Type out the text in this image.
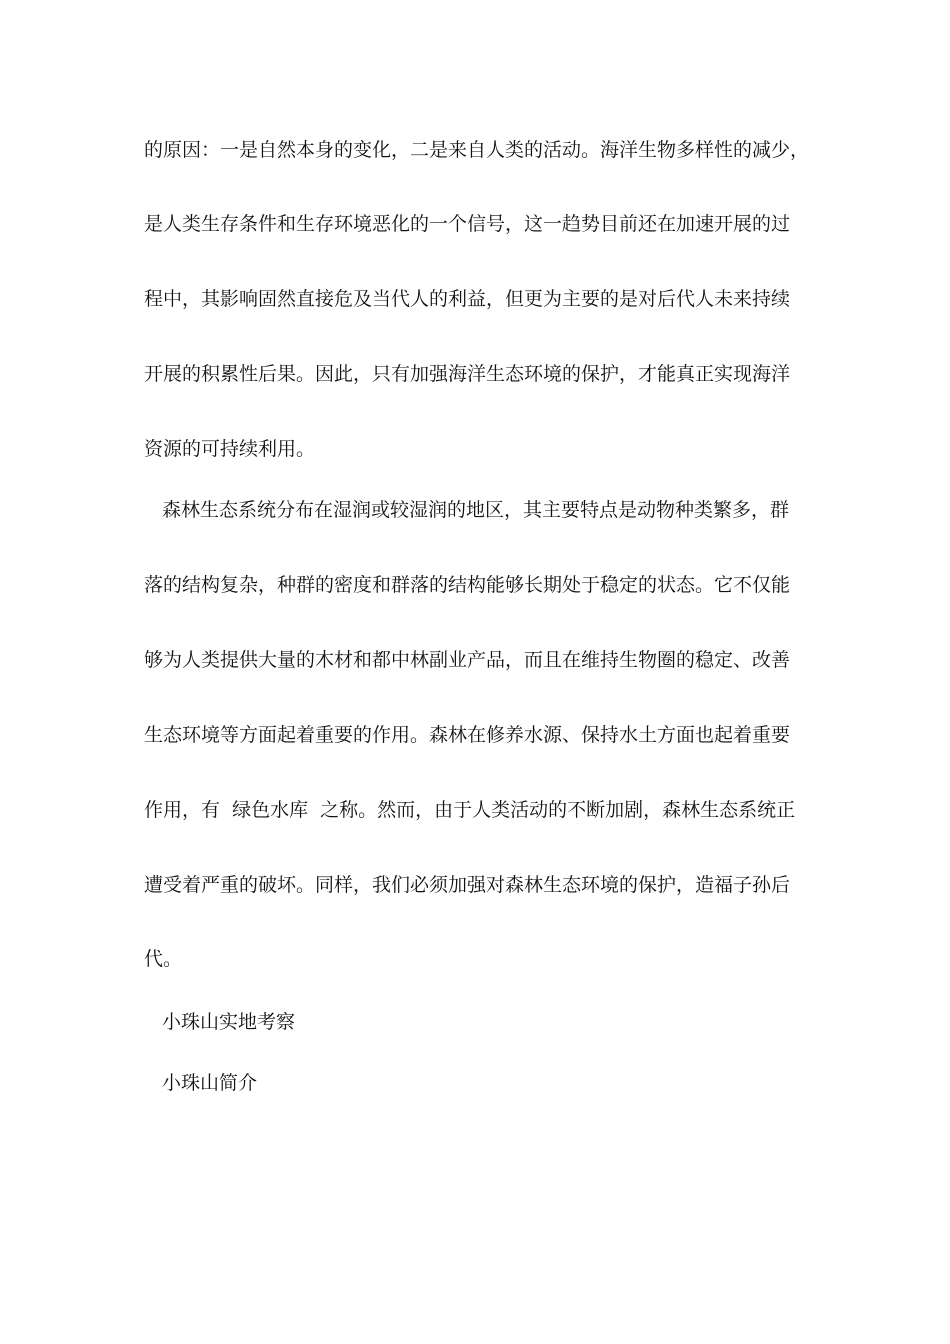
的原因：一是自然本身的变化，二是来自人类的活动。海洋生物多样性的减少，
是人类生存条件和生存环境恶化的一个信号，这一趋势目前还在加速开展的过
程中，其影响固然直接危及当代人的利益，但更为主要的是对后代人未来持续
开展的积累性后果。因此，只有加强海洋生态环境的保护，才能真正实现海洋
资源的可持续利用。
森林生态系统分布在湿润或较湿润的地区，其主要特点是动物种类繁多，群
落的结构复杂，种群的密度和群落的结构能够长期处于稳定的状态。它不仅能
够为人类提供大量的木材和都中林副业产品，而且在维持生物圈的稳定、改善
生态环境等方面起着重要的作用。森林在修养水源、保持水土方面也起着重要
作用，有  绿色水库  之称。然而，由于人类活动的不断加剧，森林生态系统正
遭受着严重的破坏。同样，我们必须加强对森林生态环境的保护，造福子孙后
代。
小珠山实地考察
小珠山简介
